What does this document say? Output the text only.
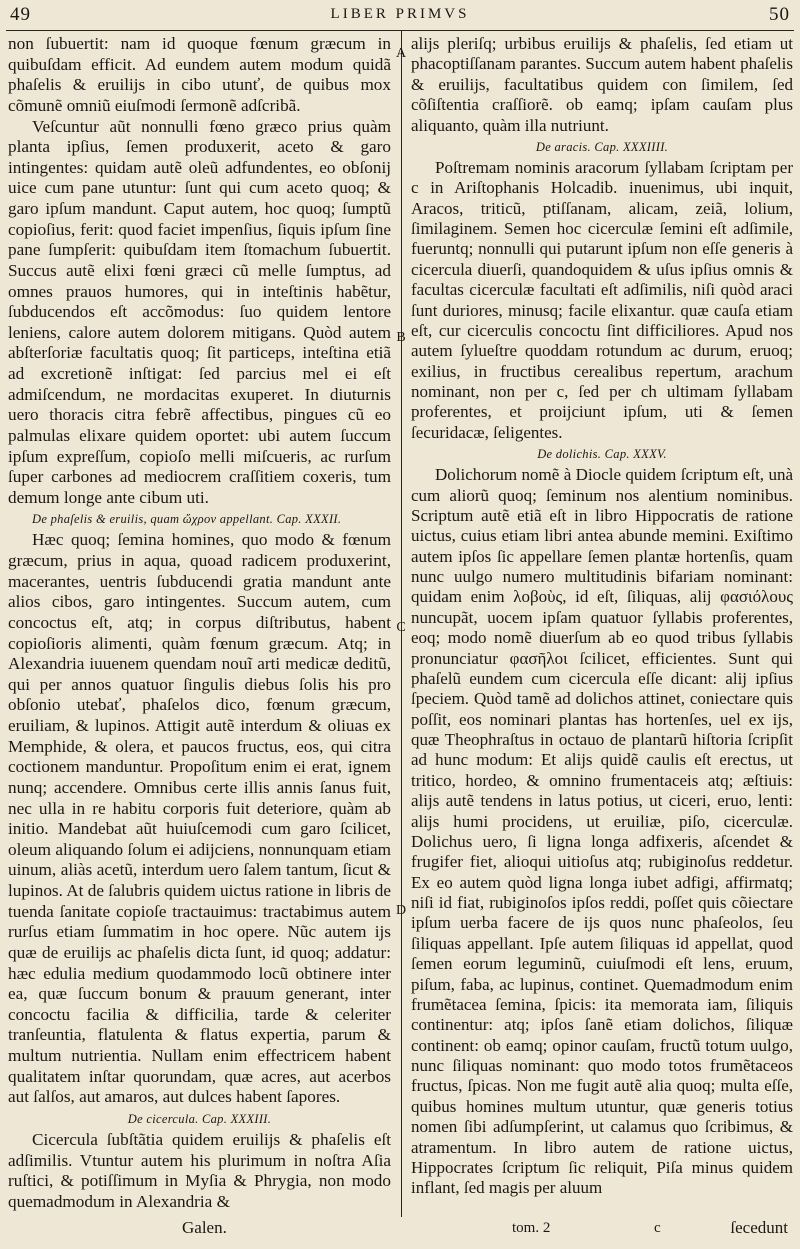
49	LIBER PRIMVS	50

non ſubuertit: nam id quoque fœnum græcum in quibuſdam efficit. Ad eundem autem modum quidã phaſelis & eruilijs in cibo utunť, de quibus mox cõmunẽ omniũ eiuſmodi ſermonẽ adſcribã.

Veſcuntur aũt nonnulli fœno græco prius quàm planta ipſius, ſemen produxerit, aceto & garo intingentes: quidam autẽ oleũ adfundentes, eo obſonij uice cum pane utuntur: ſunt qui cum aceto quoq; & garo ipſum mandunt. Caput autem, hoc quoq; ſumptũ copioſius, ferit: quod faciet impenſius, ſiquis ipſum ſine pane ſumpſerit: quibuſdam item ſtomachum ſubuertit. Succus autẽ elixi fœni græci cũ melle ſumptus, ad omnes prauos humores, qui in inteſtinis habẽtur, ſubducendos eſt accõmodus: ſuo quidem lentore leniens, calore autem dolorem mitigans. Quòd autem abſterſoriæ facultatis quoq; ſit particeps, inteſtina etiã ad excretionẽ inſtigat: ſed parcius mel ei eſt admiſcendum, ne mordacitas exuperet. In diuturnis uero thoracis citra febrẽ affectibus, pingues cũ eo palmulas elixare quidem oportet: ubi autem ſuccum ipſum expreſſum, copioſo melli miſcueris, ac rurſum ſuper carbones ad mediocrem craſſitiem coxeris, tum demum longe ante cibum uti.

De phaſelis & eruilis, quam ὤχρον appellant. Cap. XXXII.

Hæc quoq; ſemina homines, quo modo & fœnum græcum, prius in aqua, quoad radicem produxerint, macerantes, uentris ſubducendi gratia mandunt ante alios cibos, garo intingentes. Succum autem, cum concoctus eſt, atq; in corpus diſtributus, habent copioſioris alimenti, quàm fœnum græcum. Atq; in Alexandria iuuenem quendam nouĩ arti medicæ deditũ, qui per annos quatuor ſingulis diebus ſolis his pro obſonio utebať, phaſelos dico, fœnum græcum, eruiliam, & lupinos. Attigit autẽ interdum & oliuas ex Memphide, & olera, et paucos fructus, eos, qui citra coctionem manduntur. Propoſitum enim ei erat, ignem nunq; accendere. Omnibus certe illis annis ſanus fuit, nec ulla in re habitu corporis fuit deteriore, quàm ab initio. Mandebat aũt huiuſcemodi cum garo ſcilicet, oleum aliquando ſolum ei adijciens, nonnunquam etiam uinum, aliàs acetũ, interdum uero ſalem tantum, ſicut & lupinos. At de ſalubris quidem uictus ratione in libris de tuenda ſanitate copioſe tractauimus: tractabimus autem rurſus etiam ſummatim in hoc opere. Nũc autem ijs quæ de eruilijs ac phaſelis dicta ſunt, id quoq; addatur: hæc edulia medium quodammodo locũ obtinere inter ea, quæ ſuccum bonum & prauum generant, inter concoctu facilia & difficilia, tarde & celeriter tranſeuntia, flatulenta & flatus expertia, parum & multum nutrientia. Nullam enim effectricem habent qualitatem inſtar quorundam, quæ acres, aut acerbos aut ſalſos, aut amaros, aut dulces habent ſapores.

De cicercula. Cap. XXXIII.

Cicercula ſubſtãtia quidem eruilijs & phaſelis eſt adſimilis. Vtuntur autem his plurimum in noſtra Aſia ruſtici, & potiſſimum in Myſia & Phrygia, non modo quemadmodum in Alexandria &

A
B
C
D

alijs pleriſq; urbibus eruilijs & phaſelis, ſed etiam ut phacoptiſſanam parantes. Succum autem habent phaſelis & eruilijs, facultatibus quidem con ſimilem, ſed cõſiſtentia craſſiorẽ. ob eamq; ipſam cauſam plus aliquanto, quàm illa nutriunt.

De aracis. Cap. XXXIIII.

Poſtremam nominis aracorum ſyllabam ſcriptam per c in Ariſtophanis Holcadib. inuenimus, ubi inquit, Aracos, triticũ, ptiſſanam, alicam, zeiã, lolium, ſimilaginem. Semen hoc cicerculæ ſemini eſt adſimile, fueruntq; nonnulli qui putarunt ipſum non eſſe generis à cicercula diuerſi, quandoquidem & uſus ipſius omnis & facultas cicerculæ facultati eſt adſimilis, niſi quòd araci ſunt duriores, minusq; facile elixantur. quæ cauſa etiam eſt, cur cicerculis concoctu ſint difficiliores. Apud nos autem ſylueſtre quoddam rotundum ac durum, eruoq; exilius, in fructibus cerealibus repertum, arachum nominant, non per c, ſed per ch ultimam ſyllabam proferentes, et proijciunt ipſum, uti & ſemen ſecuridacæ, ſeligentes.

De dolichis. Cap. XXXV.

Dolichorum nomẽ à Diocle quidem ſcriptum eſt, unà cum aliorũ quoq; ſeminum nos alentium nominibus. Scriptum autẽ etiã eſt in libro Hippocratis de ratione uictus, cuius etiam libri antea abunde memini. Exiſtimo autem ipſos ſic appellare ſemen plantæ hortenſis, quam nunc uulgo numero multitudinis bifariam nominant: quidam enim λοβοὺς, id eſt, ſiliquas, alij φασιόλους nuncupãt, uocem ipſam quatuor ſyllabis proferentes, eoq; modo nomẽ diuerſum ab eo quod tribus ſyllabis pronunciatur φασῆλοι ſcilicet, efficientes. Sunt qui phaſelũ eundem cum cicercula eſſe dicant: alij ipſius ſpeciem. Quòd tamẽ ad dolichos attinet, coniectare quis poſſit, eos nominari plantas has hortenſes, uel ex ijs, quæ Theophraſtus in octauo de plantarũ hiſtoria ſcripſit ad hunc modum: Et alijs quidẽ caulis eſt erectus, ut tritico, hordeo, & omnino frumentaceis atq; æſtiuis: alijs autẽ tendens in latus potius, ut ciceri, eruo, lenti: alijs humi procidens, ut eruiliæ, piſo, cicerculæ. Dolichus uero, ſi ligna longa adfixeris, aſcendet & frugifer fiet, alioqui uitioſus atq; rubiginoſus reddetur. Ex eo autem quòd ligna longa iubet adfigi, affirmatq; niſi id fiat, rubiginoſos ipſos reddi, poſſet quis cõiectare ipſum uerba facere de ijs quos nunc phaſeolos, ſeu ſiliquas appellant. Ipſe autem ſiliquas id appellat, quod ſemen eorum leguminũ, cuiuſmodi eſt lens, eruum, piſum, faba, ac lupinus, continet. Quemadmodum enim frumẽtacea ſemina, ſpicis: ita memorata iam, ſiliquis continentur: atq; ipſos ſanẽ etiam dolichos, ſiliquæ continent: ob eamq; opinor cauſam, fructũ totum uulgo, nunc ſiliquas nominant: quo modo totos frumẽtaceos fructus, ſpicas. Non me fugit autẽ alia quoq; multa eſſe, quibus homines multum utuntur, quæ generis totius nomen ſibi adſumpſerint, ut calamus quo ſcribimus, & atramentum. In libro autem de ratione uictus, Hippocrates ſcriptum ſic reliquit, Piſa minus quidem inflant, ſed magis per aluum

Galen.	tom. 2	c	ſecedunt
